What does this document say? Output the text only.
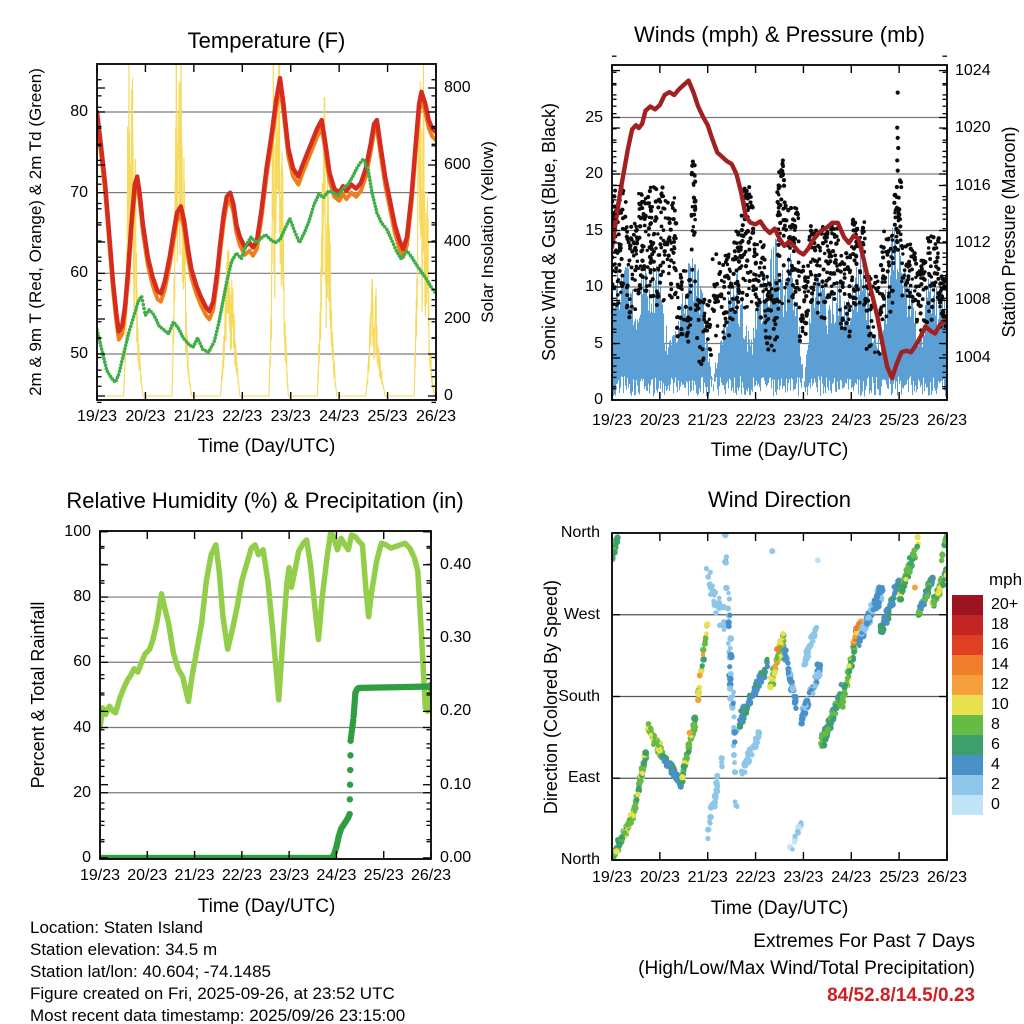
Temperature (F)	Winds (mph) & Pressure (mb)
Relative Humidity (%) & Precipitation (in)	Wind Direction
2m & 9m T (Red, Orange) & 2m Td (Green)	Solar Insolation (Yellow) Sonic Wind & Gust (Blue, Black)	Station Pressure (Maroon)
Percent & Total Rainfall	Direction (Colored By Speed)
Time (Day/UTC)	Time (Day/UTC)
Time (Day/UTC)	Time (Day/UTC)
19/23 20/23 21/23 22/23 23/23 24/23 25/23 26/23	19/23 20/23 21/23 22/23 23/23 24/23 25/23 26/23
19/23 20/23 21/23 22/23 23/23 24/23 25/23 26/23	19/23 20/23 21/23 22/23 23/23 24/23 25/23 26/23
80
70
60
50
800
600
400
200
0
25
20
15
10
5
0
1024
1020
1016
1012
1008
1004
100
80
60
40
20
0
0.40
0.30
0.20
0.10
0.00
North
West
South
East
North
20+
18
16
14
12
10
8
6
4
2
0
mph
Extremes For Past 7 Days
(High/Low/Max Wind/Total Precipitation)
84/52.8/14.5/0.23
Location: Staten Island
Station elevation: 34.5 m
Station lat/lon: 40.604; -74.1485
Figure created on Fri, 2025-09-26, at 23:52 UTC
Most recent data timestamp: 2025/09/26 23:15:00
